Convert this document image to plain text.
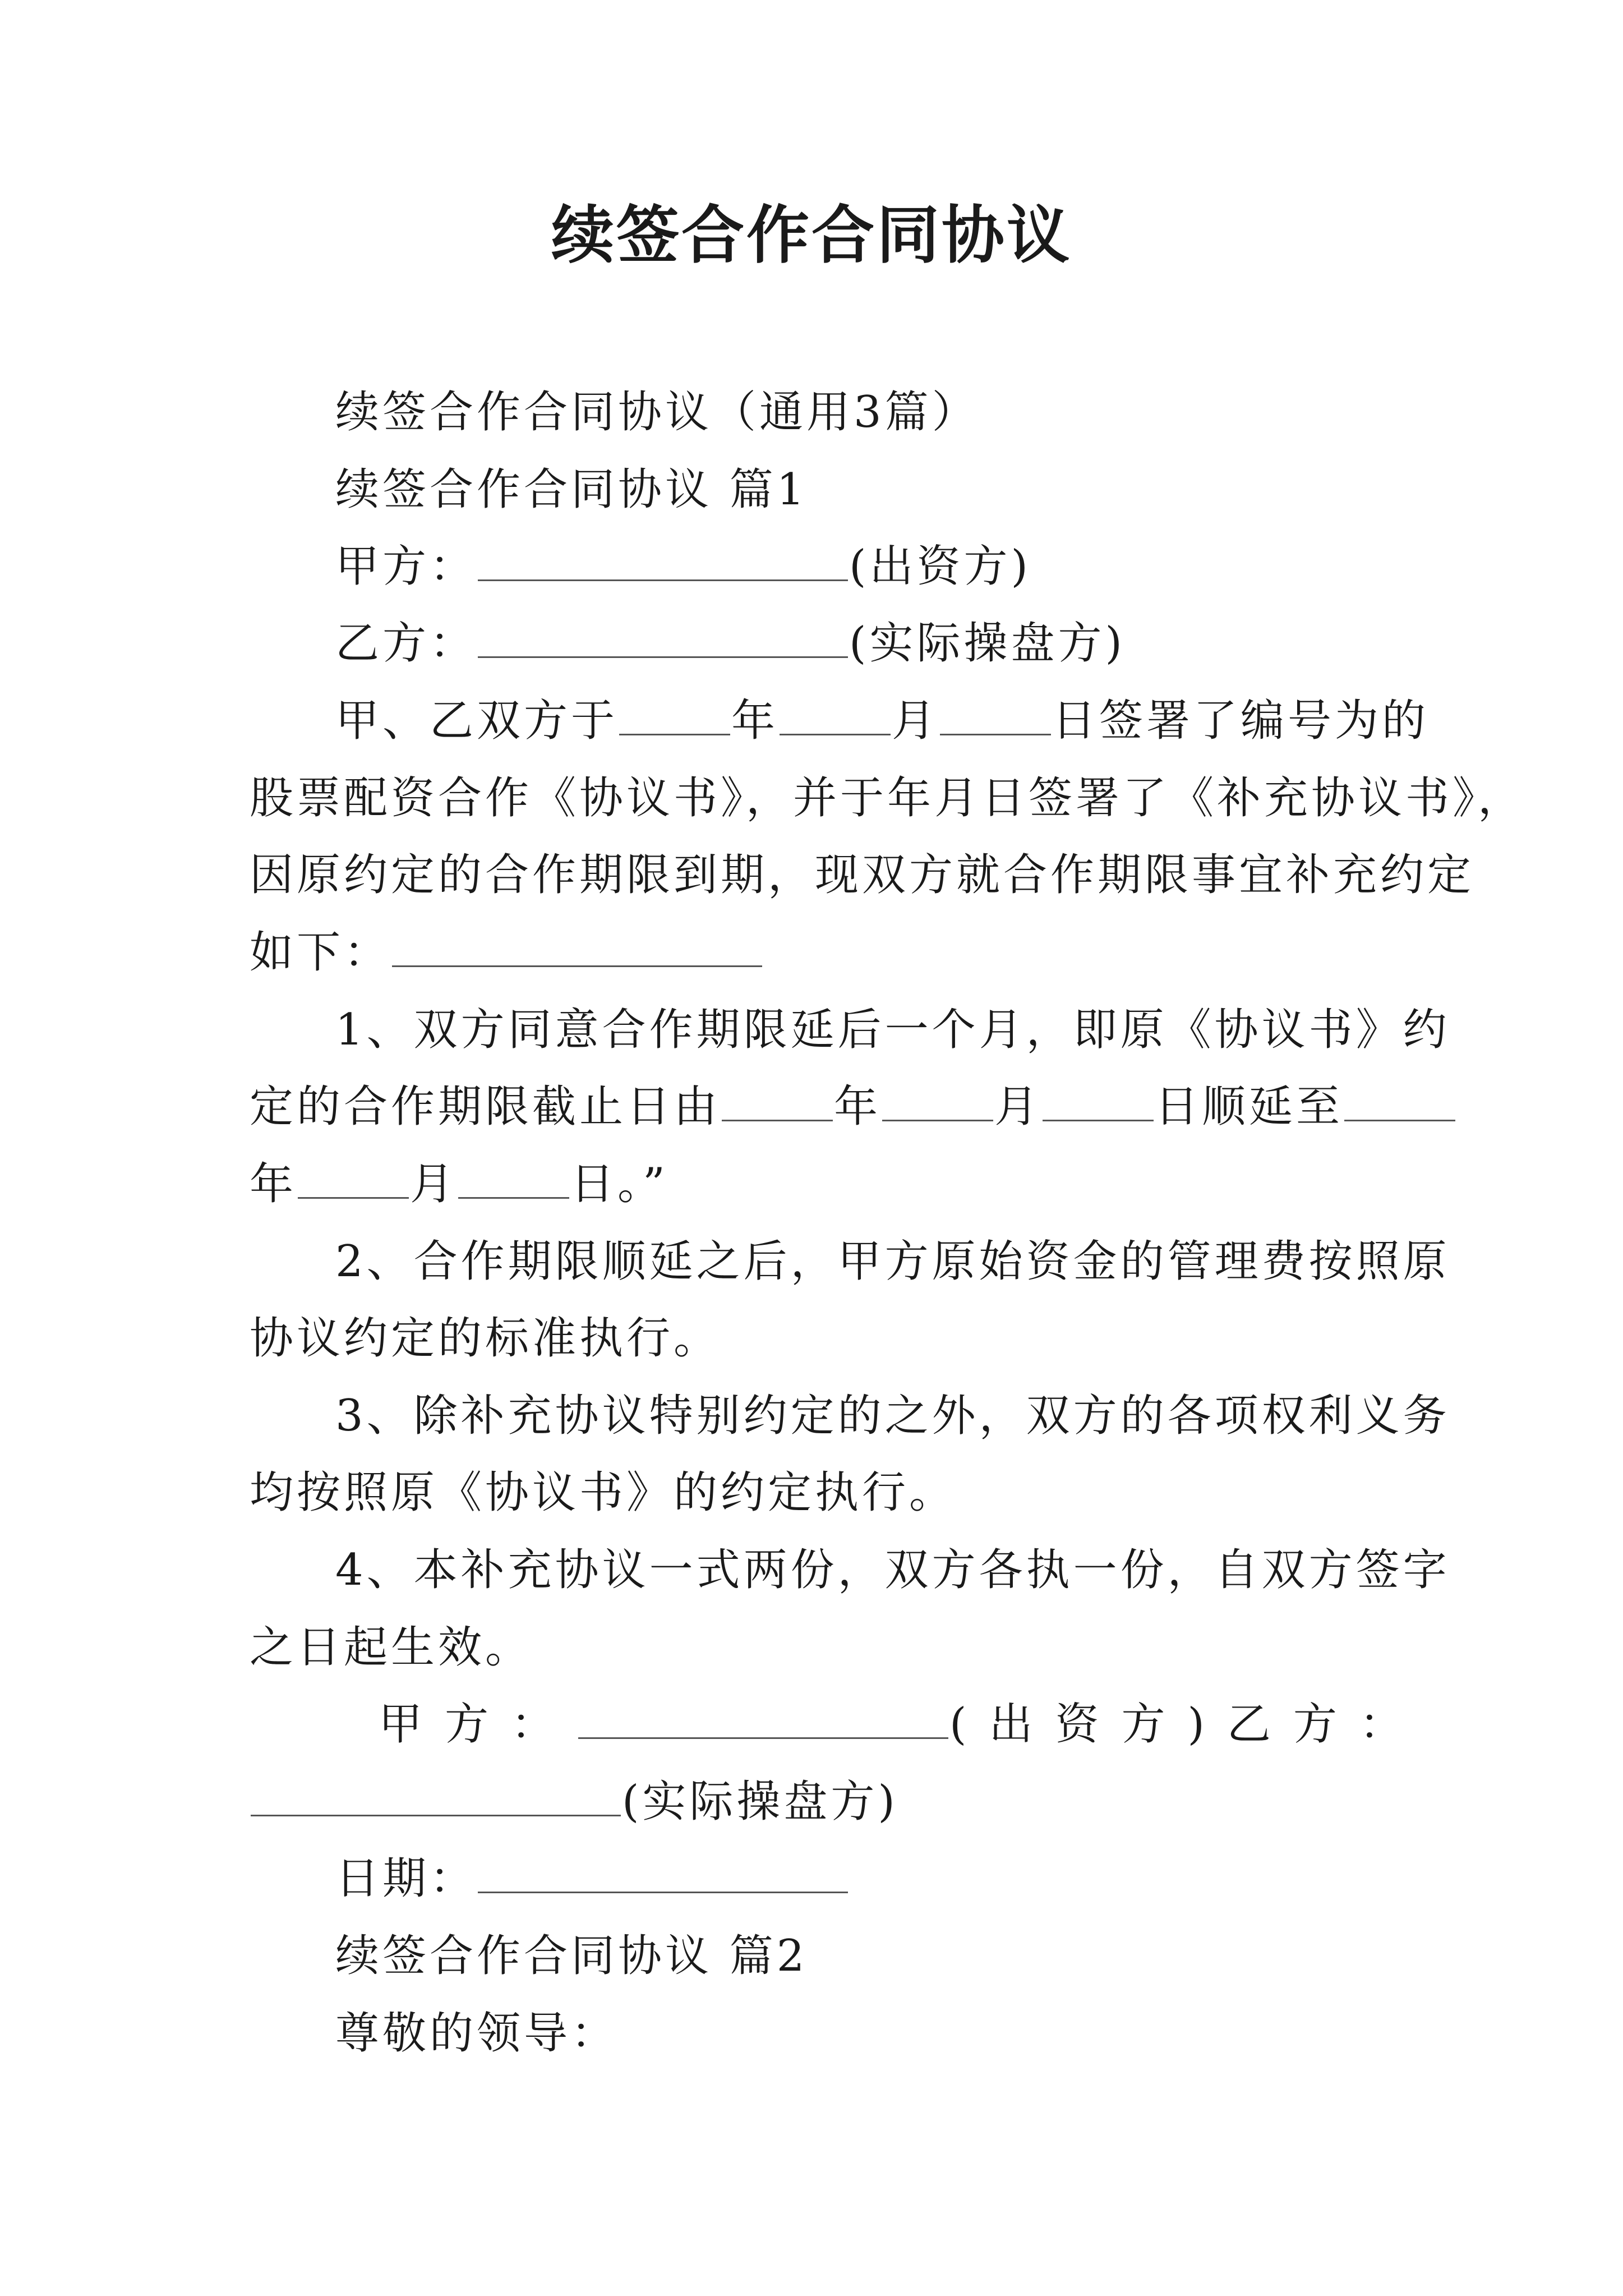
续签合作合同协议
续签合作合同协议（通用3篇）
续签合作合同协议 篇1
甲方：	(出资方)
乙方：	(实际操盘方)
甲、乙双方于	年	月	日签署了编号为的
股票配资合作《协议书》，并于年月日签署了《补充协议书》，
因原约定的合作期限到期，现双方就合作期限事宜补充约定
如下：
1、双方同意合作期限延后一个月，即原《协议书》约
定的合作期限截止日由	年	月	日顺延至
年	月	日。”
2、合作期限顺延之后，甲方原始资金的管理费按照原
协议约定的标准执行。
3、除补充协议特别约定的之外，双方的各项权利义务
均按照原《协议书》的约定执行。
4、本补充协议一式两份，双方各执一份，自双方签字
之日起生效。
甲方：	(出资方)乙方：
(实际操盘方)
日期：
续签合作合同协议 篇2
尊敬的领导：
